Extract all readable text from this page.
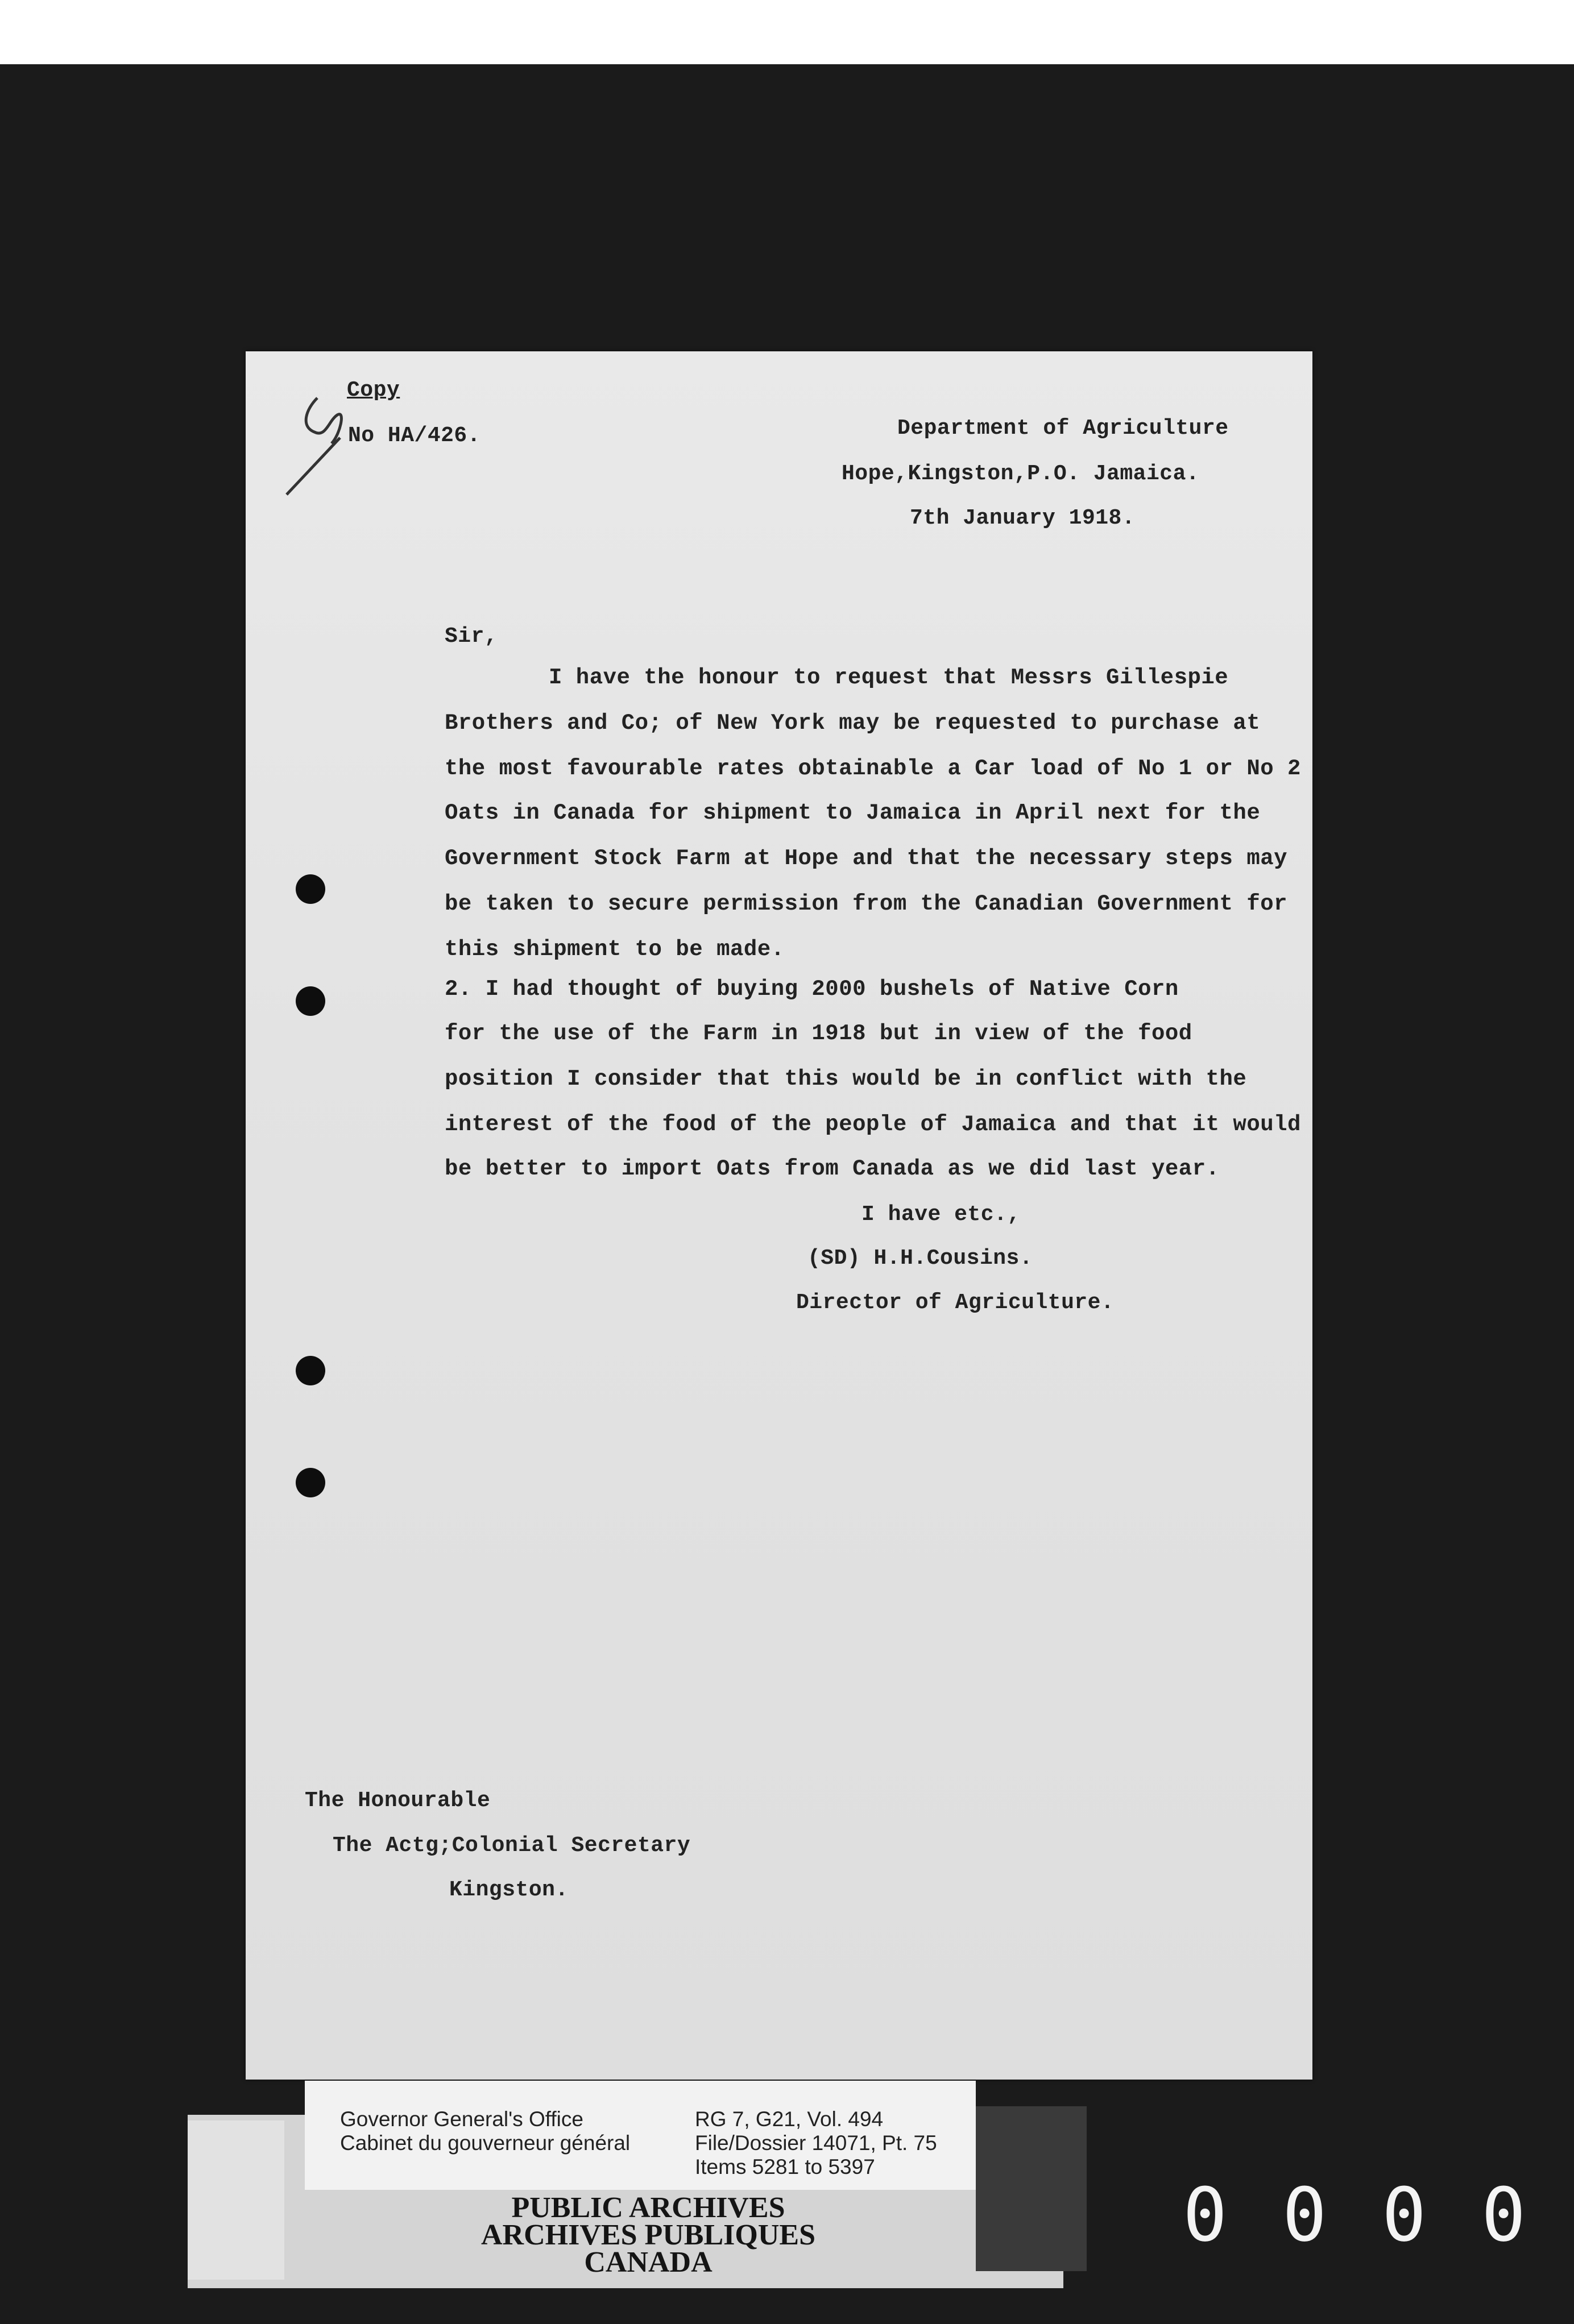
Copy

No HA/426.	Department of Agriculture

Hope,Kingston,P.O. Jamaica.

7th January 1918.

Sir,

I have the honour to request that Messrs Gillespie

Brothers and Co; of New York may be requested to purchase at

the most favourable rates obtainable a Car load of No 1 or No 2

Oats in Canada for shipment to Jamaica in April next for the

Government Stock Farm at Hope and that the necessary steps may

be taken to secure permission from the Canadian Government for

this shipment to be made.

2. I had thought of buying 2000 bushels of Native Corn

for the use of the Farm in 1918 but in view of the food

position I consider that this would be in conflict with the

interest of the food of the people of Jamaica and that it would

be better to import Oats from Canada as we did last year.

I have etc.,

(SD) H.H.Cousins.

Director of Agriculture.

The Honourable

The Actg;Colonial Secretary

Kingston.

Governor General's Office
Cabinet du gouverneur général
RG 7, G21, Vol. 494
File/Dossier 14071, Pt. 75
Items 5281 to 5397
PUBLIC ARCHIVES
ARCHIVES PUBLIQUES
CANADA
0 0 0 0
